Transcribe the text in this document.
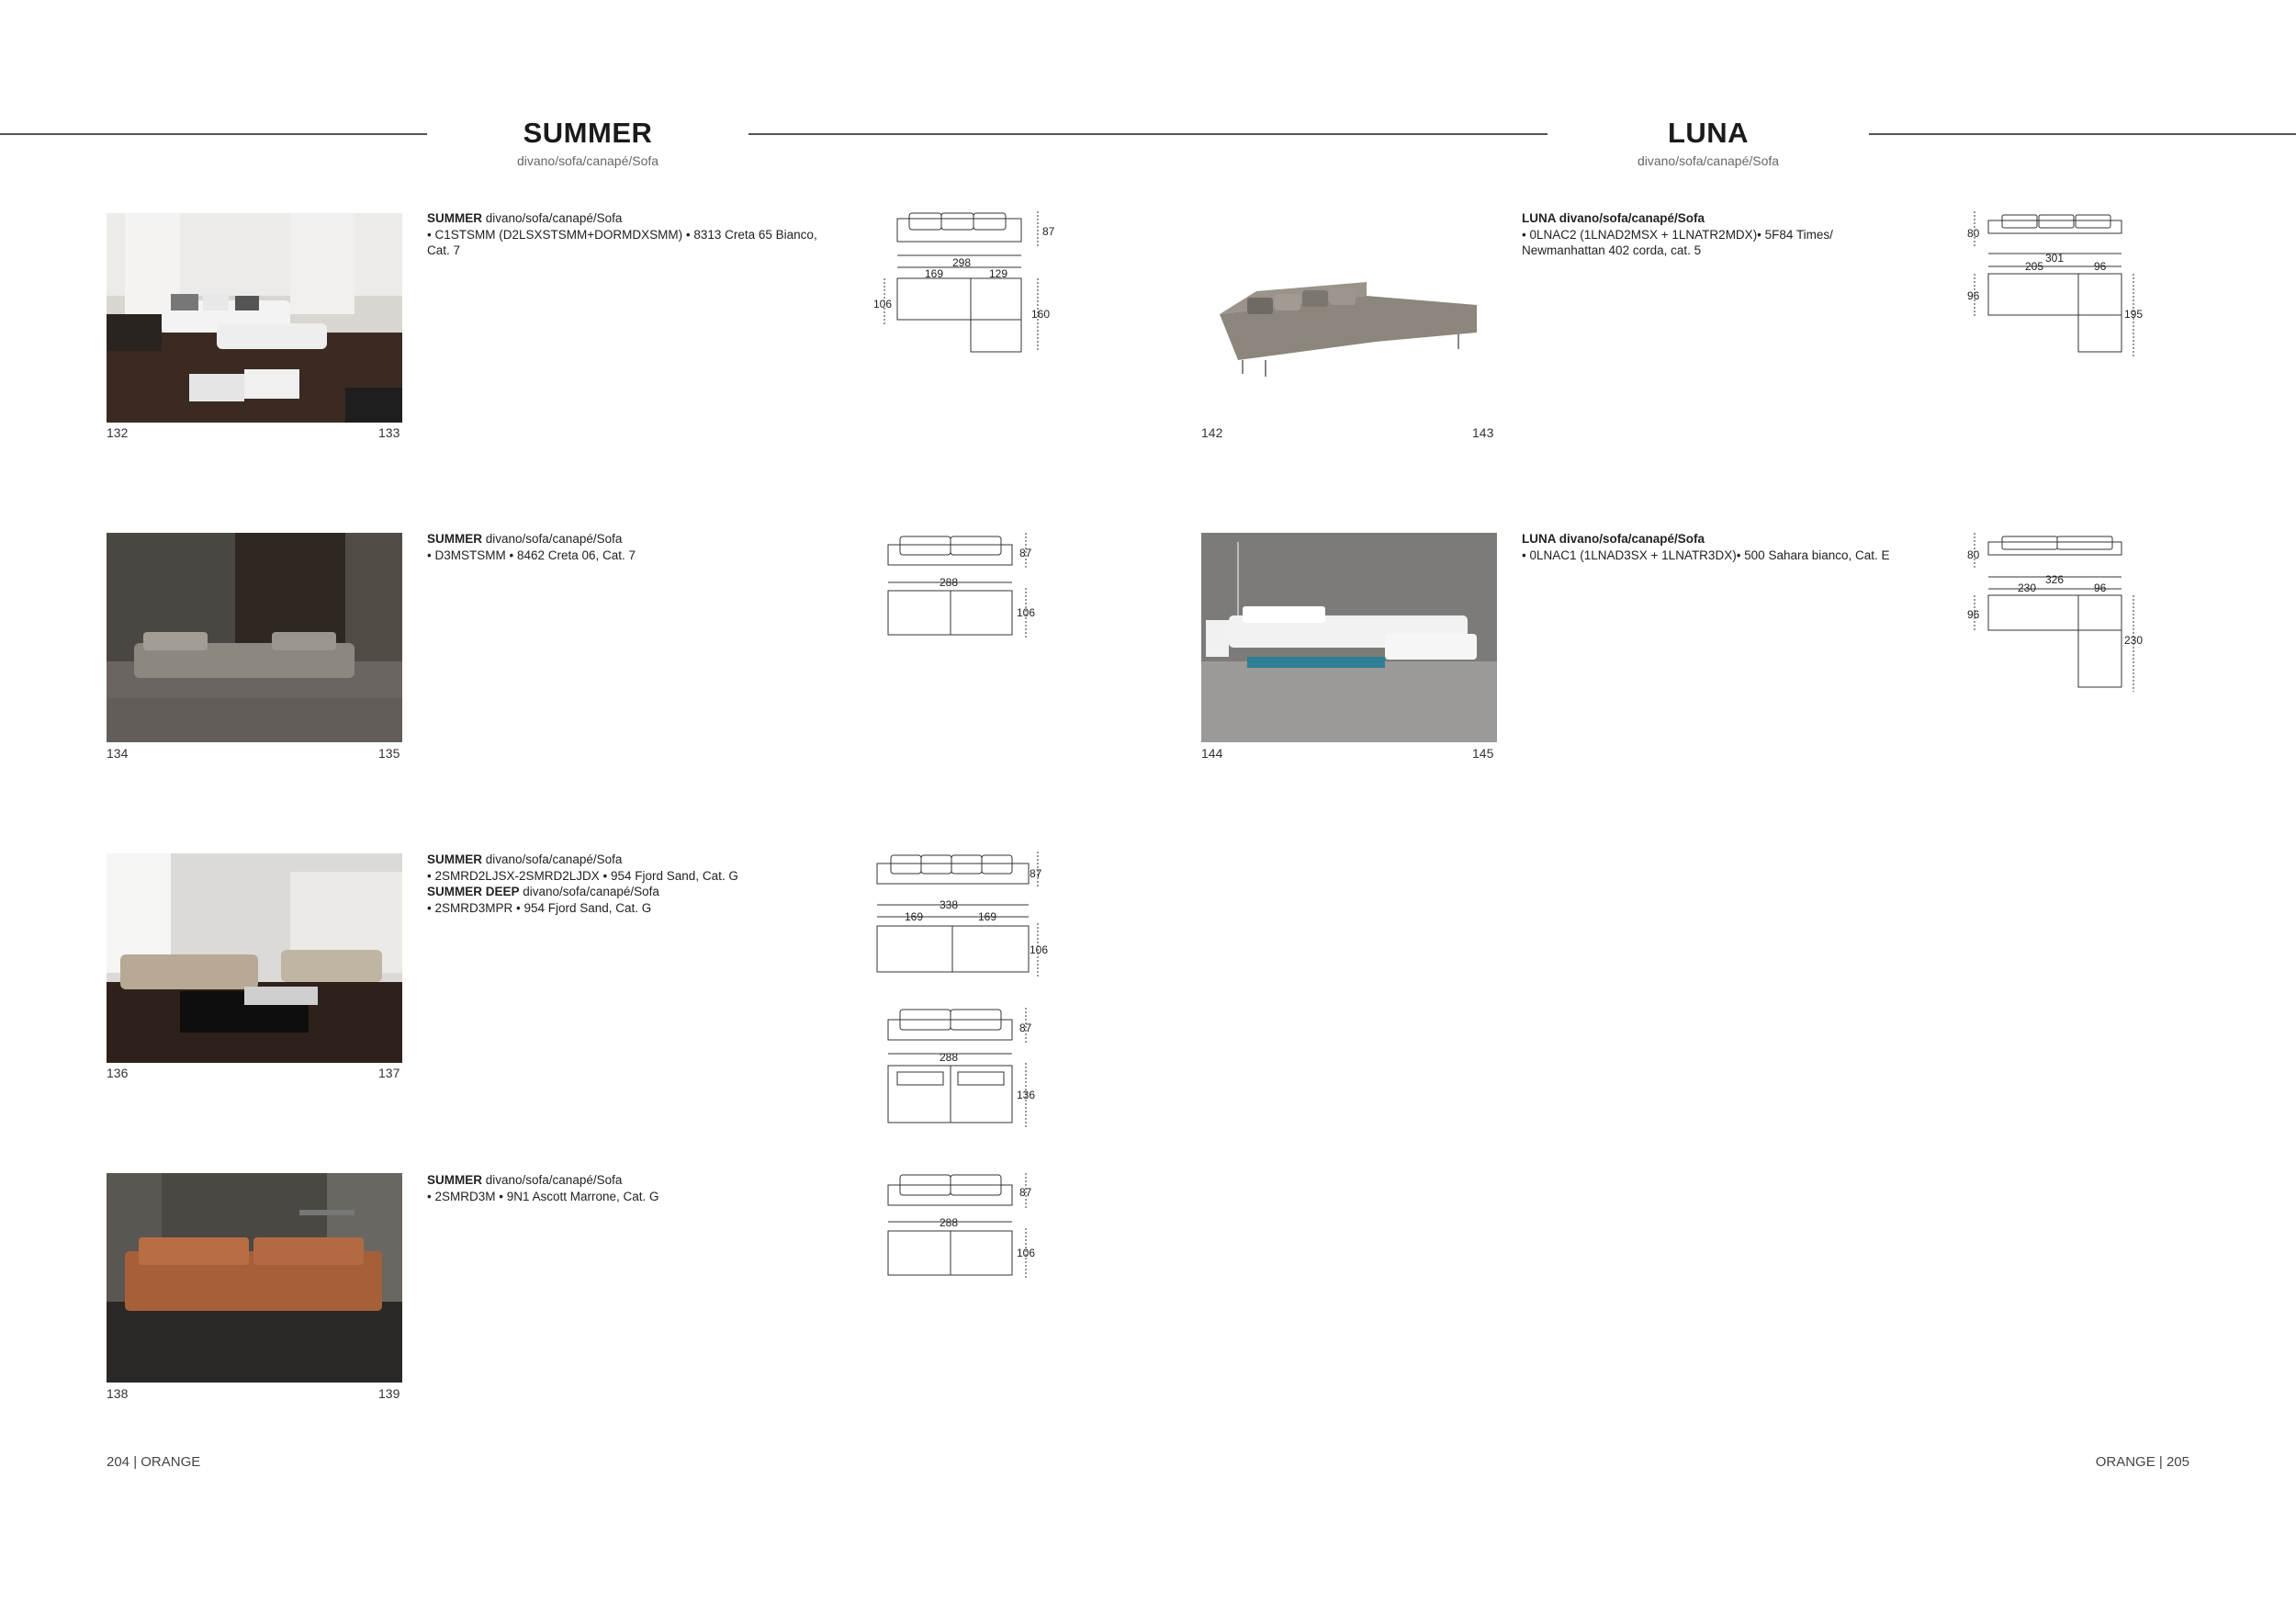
SUMMER
divano/sofa/canapé/Sofa
LUNA
divano/sofa/canapé/Sofa
132	133
SUMMER divano/sofa/canapé/Sofa
• C1STSMM (D2LSXSTSMM+DORMDXSMM) • 8313 Creta 65 Bianco,
Cat. 7
87
298
169	129
106
160
134	135
SUMMER divano/sofa/canapé/Sofa
• D3MSTSMM • 8462 Creta 06, Cat. 7	87
288
106
136	137
SUMMER divano/sofa/canapé/Sofa
• 2SMRD2LJSX-2SMRD2LJDX • 954 Fjord Sand, Cat. G
SUMMER DEEP divano/sofa/canapé/Sofa
• 2SMRD3MPR • 954 Fjord Sand, Cat. G
87
338
169	169
106
87
288
136
138	139
SUMMER divano/sofa/canapé/Sofa
• 2SMRD3M • 9N1 Ascott Marrone, Cat. G	87
288
106
142	143
LUNA divano/sofa/canapé/Sofa
• 0LNAC2 (1LNAD2MSX + 1LNATR2MDX)• 5F84 Times/
Newmanhattan 402 corda, cat. 5
80
301
205	96
96
195
144	145
LUNA divano/sofa/canapé/Sofa
• 0LNAC1 (1LNAD3SX + 1LNATR3DX)• 500 Sahara bianco, Cat. E	80
326
230	96
96
230
204 | ORANGE	ORANGE | 205
